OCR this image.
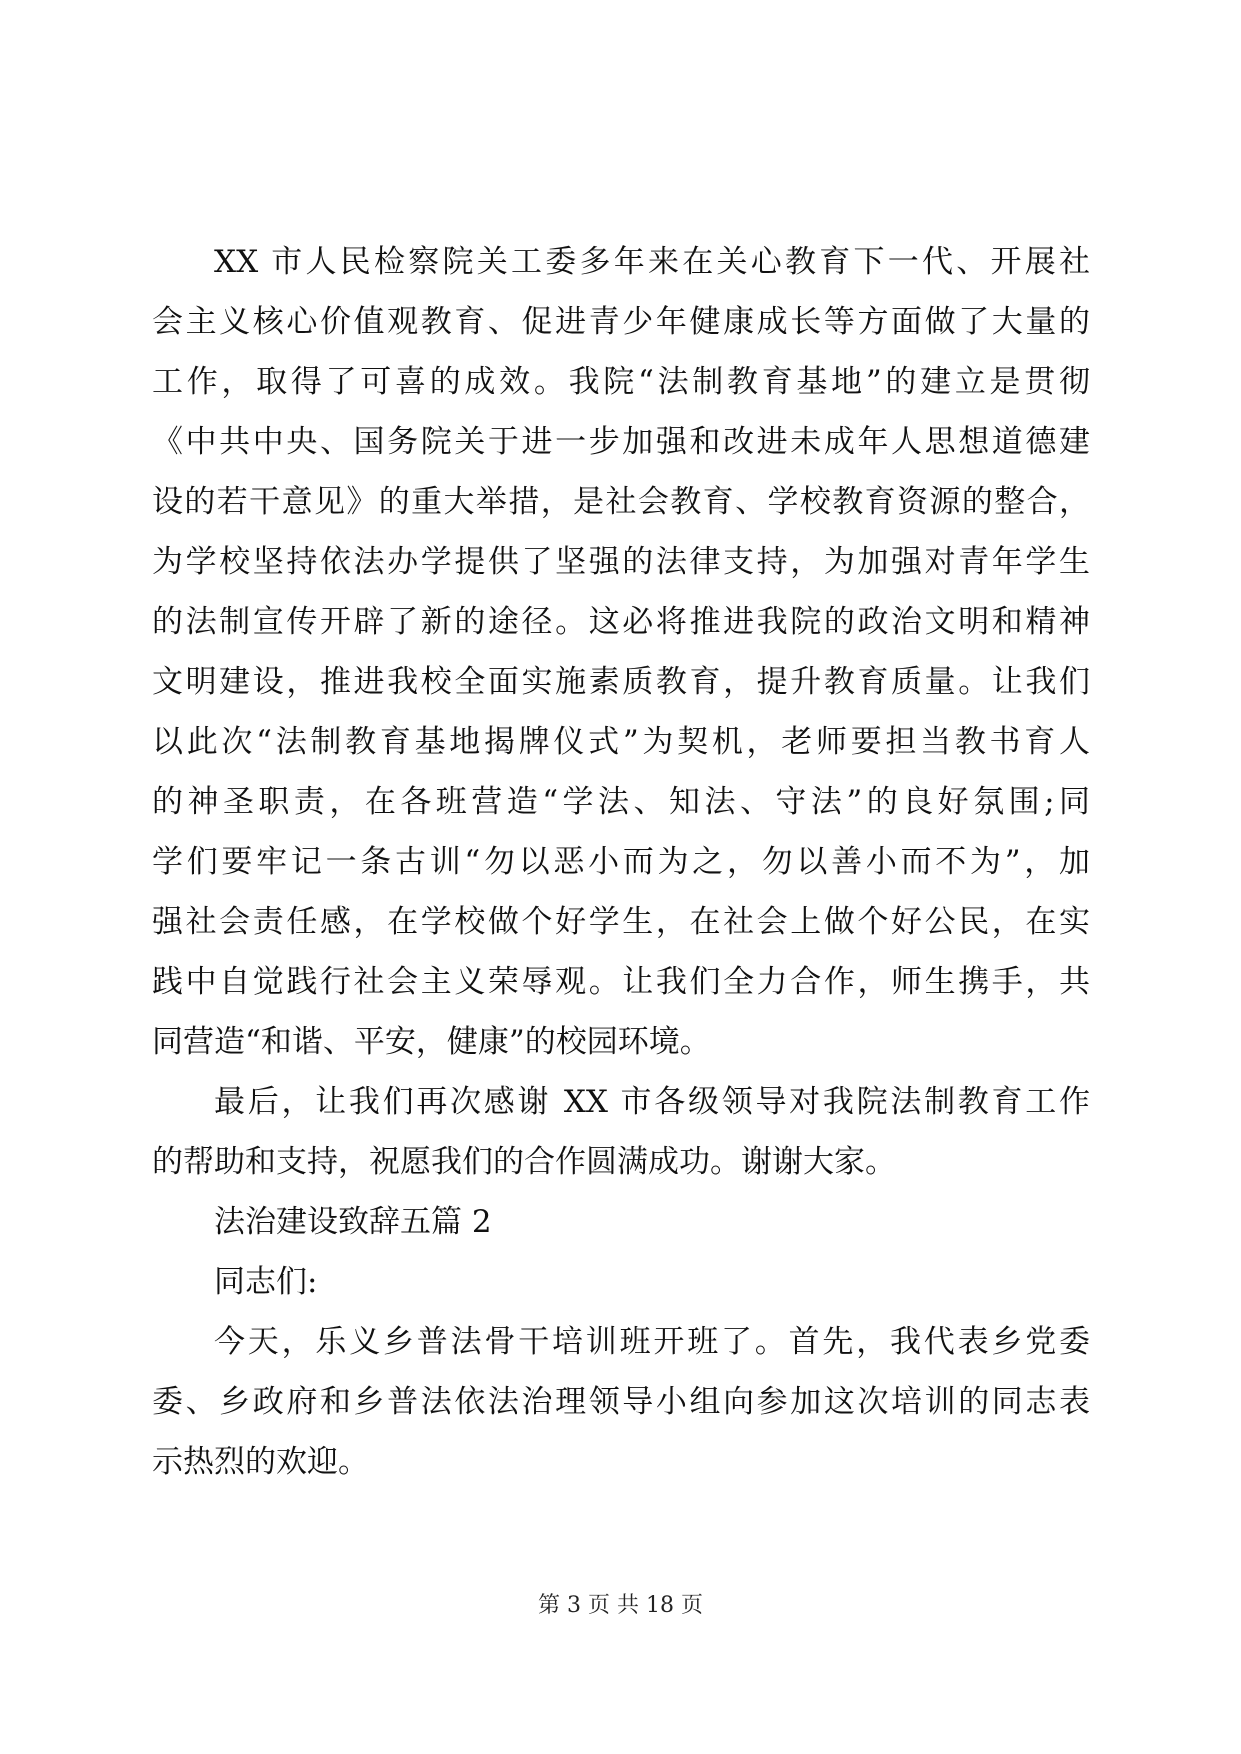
XX 市人民检察院关工委多年来在关心教育下一代、开展社
会主义核心价值观教育、促进青少年健康成长等方面做了大量的
工作，取得了可喜的成效。我院“法制教育基地”的建立是贯彻
《中共中央、国务院关于进一步加强和改进未成年人思想道德建
设的若干意见》的重大举措，是社会教育、学校教育资源的整合，
为学校坚持依法办学提供了坚强的法律支持，为加强对青年学生
的法制宣传开辟了新的途径。这必将推进我院的政治文明和精神
文明建设，推进我校全面实施素质教育，提升教育质量。让我们
以此次“法制教育基地揭牌仪式”为契机，老师要担当教书育人
的神圣职责，在各班营造“学法、知法、守法”的良好氛围;同
学们要牢记一条古训“勿以恶小而为之，勿以善小而不为”，加
强社会责任感，在学校做个好学生，在社会上做个好公民，在实
践中自觉践行社会主义荣辱观。让我们全力合作，师生携手，共
同营造“和谐、平安，健康”的校园环境。
最后，让我们再次感谢 XX 市各级领导对我院法制教育工作
的帮助和支持，祝愿我们的合作圆满成功。谢谢大家。
法治建设致辞五篇 2
同志们:
今天，乐义乡普法骨干培训班开班了。首先，我代表乡党委
委、乡政府和乡普法依法治理领导小组向参加这次培训的同志表
示热烈的欢迎。
第 3 页 共 18 页
